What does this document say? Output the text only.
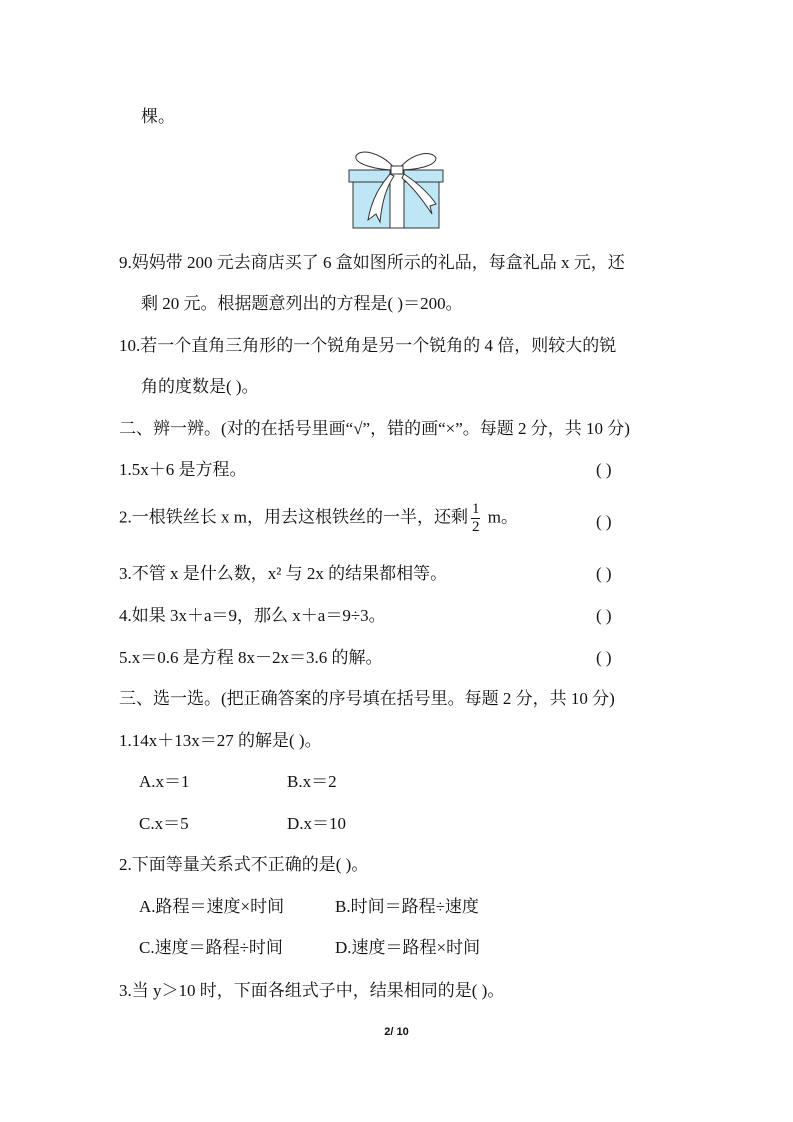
棵。
9.妈妈带 200 元去商店买了 6 盒如图所示的礼品，每盒礼品 x 元，还
剩 20 元。根据题意列出的方程是( )＝200。
10.若一个直角三角形的一个锐角是另一个锐角的 4 倍，则较大的锐
角的度数是( )。
二、辨一辨。(对的在括号里画“√”，错的画“×”。每题 2 分，共 10 分)
1.5x＋6 是方程。	( )
2.一根铁丝长 x m，用去这根铁丝的一半，还剩 $\frac{1}{2}$ m。	( )
3.不管 x 是什么数，x² 与 2x 的结果都相等。	( )
4.如果 3x＋a＝9，那么 x＋a＝9÷3。	( )
5.x＝0.6 是方程 8x－2x＝3.6 的解。	( )
三、选一选。(把正确答案的序号填在括号里。每题 2 分，共 10 分)
1.14x＋13x＝27 的解是( )。
A.x＝1	B.x＝2
C.x＝5	D.x＝10
2.下面等量关系式不正确的是( )。
A.路程＝速度×时间	B.时间＝路程÷速度
C.速度＝路程÷时间	D.速度＝路程×时间
3.当 y＞10 时，下面各组式子中，结果相同的是( )。
2/ 10
